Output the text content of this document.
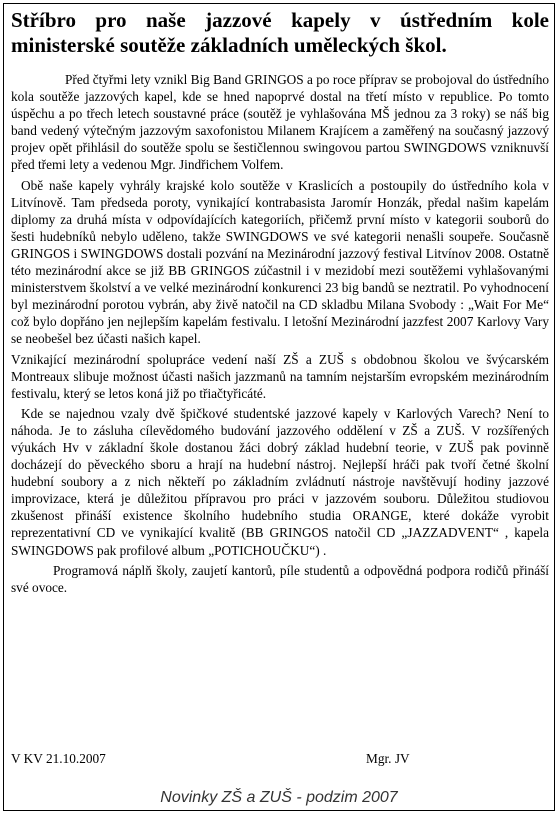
Stříbro pro naše jazzové kapely v ústředním kole
ministerské soutěže základních uměleckých škol.

Před čtyřmi lety vznikl Big Band GRINGOS a po roce příprav se probojoval do ústředního kola soutěže jazzových kapel, kde se hned napoprvé dostal na třetí místo v republice. Po tomto úspěchu a po třech letech soustavné práce (soutěž je vyhlašována MŠ jednou za 3 roky) se náš big band vedený výtečným jazzovým saxofonistou Milanem Krajícem a zaměřený na současný jazzový projev opět přihlásil do soutěže spolu se šestičlennou swingovou partou SWINGDOWS vzniknuvší před třemi lety a vedenou Mgr. Jindřichem Volfem.

Obě naše kapely vyhrály krajské kolo soutěže v Kraslicích a postoupily do ústředního kola v Litvínově. Tam předseda poroty, vynikající kontrabasista Jaromír Honzák, předal našim kapelám diplomy za druhá místa v odpovídajících kategoriích, přičemž první místo v kategorii souborů do šesti hudebníků nebylo uděleno, takže SWINGDOWS ve své kategorii nenašli soupeře. Současně GRINGOS i SWINGDOWS dostali pozvání na Mezinárodní jazzový festival Litvínov 2008. Ostatně této mezinárodní akce se již BB GRINGOS zúčastnil i v mezidobí mezi soutěžemi vyhlašovanými ministerstvem školství a ve velké mezinárodní konkurenci 23 big bandů se neztratil. Po vyhodnocení byl mezinárodní porotou vybrán, aby živě natočil na CD skladbu Milana Svobody : „Wait For Me“ což bylo dopřáno jen nejlepším kapelám festivalu. I letošní Mezinárodní jazzfest 2007 Karlovy Vary se neobešel bez účasti našich kapel.

Vznikající mezinárodní spolupráce vedení naší ZŠ a ZUŠ s obdobnou školou ve švýcarském Montreaux slibuje možnost účasti našich jazzmanů na tamním nejstarším evropském mezinárodním festivalu, který se letos koná již po třiačtyřicáté.

Kde se najednou vzaly dvě špičkové studentské jazzové kapely v Karlových Varech? Není to náhoda. Je to zásluha cílevědomého budování jazzového oddělení v ZŠ a ZUŠ. V rozšířených výukách Hv v základní škole dostanou žáci dobrý základ hudební teorie, v ZUŠ pak povinně docházejí do pěveckého sboru a hrají na hudební nástroj. Nejlepší hráči pak tvoří četné školní hudební soubory a z nich někteří po základním zvládnutí nástroje navštěvují hodiny jazzové improvizace, která je důležitou přípravou pro práci v jazzovém souboru. Důležitou studiovou zkušenost přináší existence školního hudebního studia ORANGE, které dokáže vyrobit reprezentativní CD ve vynikající kvalitě (BB GRINGOS natočil CD „JAZZADVENT“ , kapela SWINGDOWS pak profilové album „POTICHOUČKU“) .

Programová náplň školy, zaujetí kantorů, píle studentů a odpovědná podpora rodičů přináší své ovoce.

V KV 21.10.2007	Mgr. JV
Novinky ZŠ a ZUŠ - podzim 2007
